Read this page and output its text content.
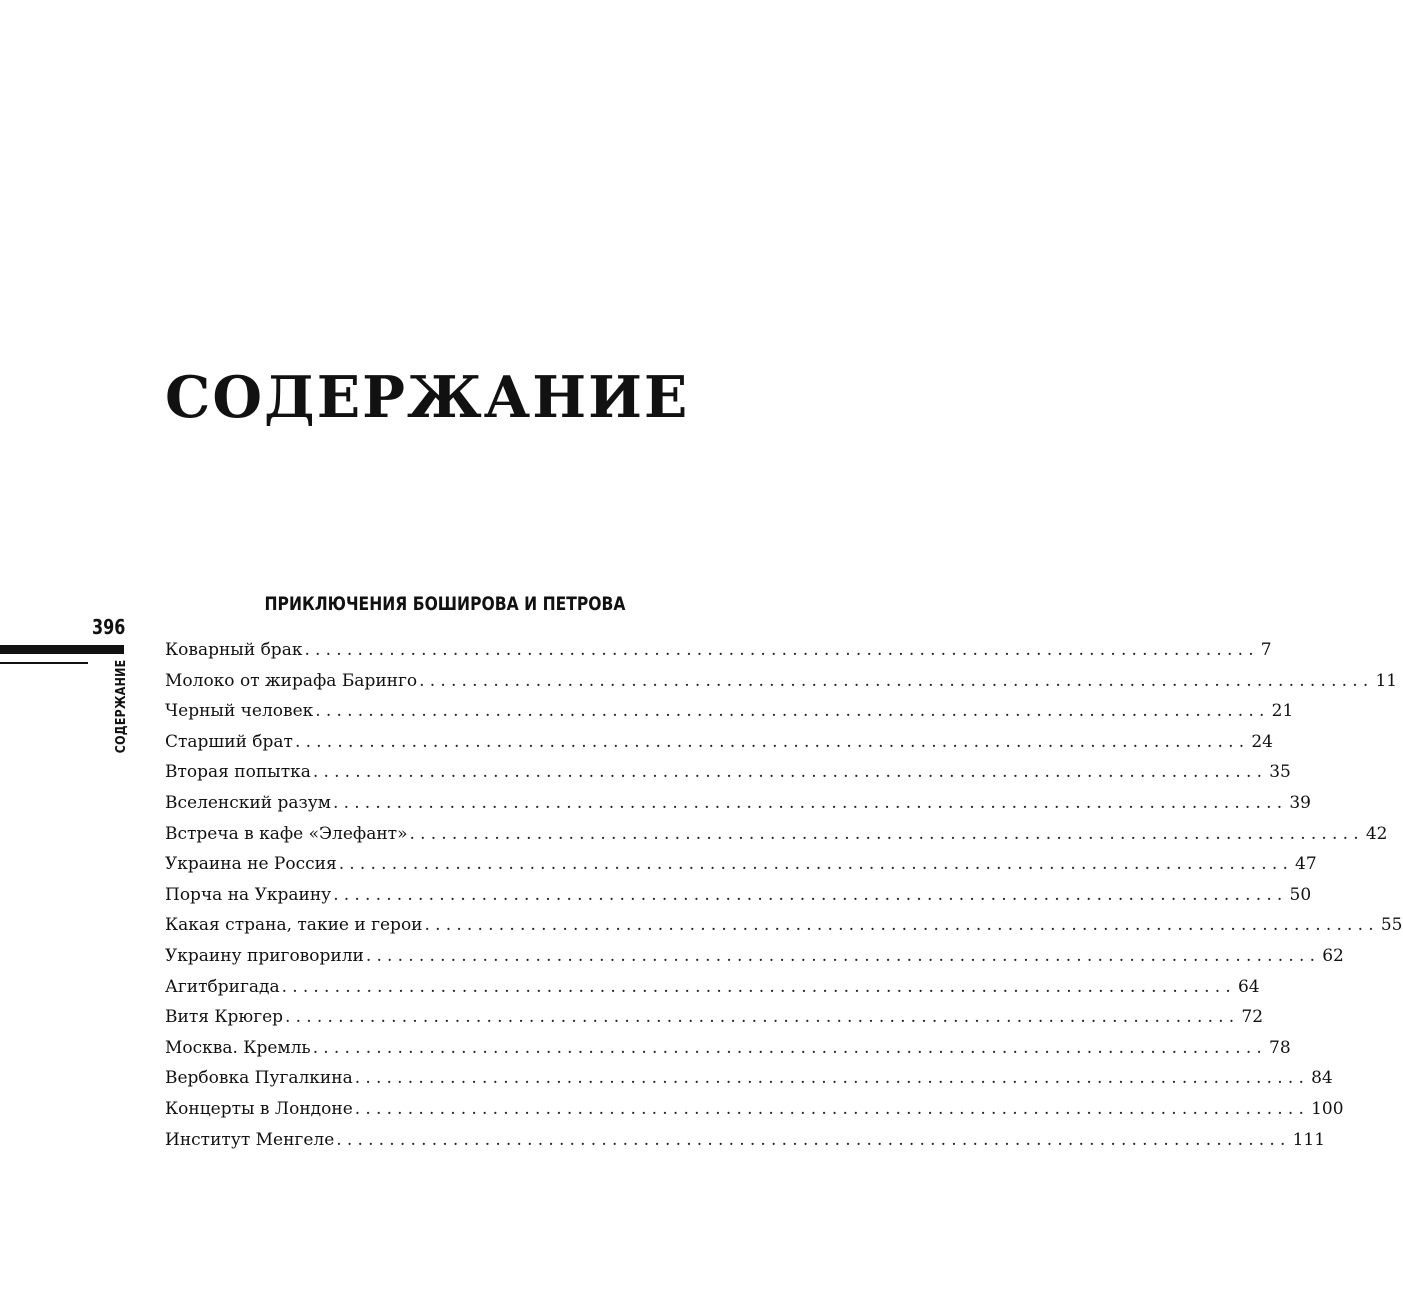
СОДЕРЖАНИЕ
ПРИКЛЮЧЕНИЯ БОШИРОВА И ПЕТРОВА
396
СОДЕРЖАНИЕ
Коварный брак .......................................................................................... 7
Молоко от жирафа Баринго .......................................................................................... 11
Черный человек .......................................................................................... 21
Старший брат .......................................................................................... 24
Вторая попытка .......................................................................................... 35
Вселенский разум .......................................................................................... 39
Встреча в кафе «Элефант» .......................................................................................... 42
Украина не Россия .......................................................................................... 47
Порча на Украину .......................................................................................... 50
Какая страна, такие и герои .......................................................................................... 55
Украину приговорили .......................................................................................... 62
Агитбригада .......................................................................................... 64
Витя Крюгер .......................................................................................... 72
Москва. Кремль .......................................................................................... 78
Вербовка Пугалкина .......................................................................................... 84
Концерты в Лондоне .......................................................................................... 100
Институт Менгеле .......................................................................................... 111
